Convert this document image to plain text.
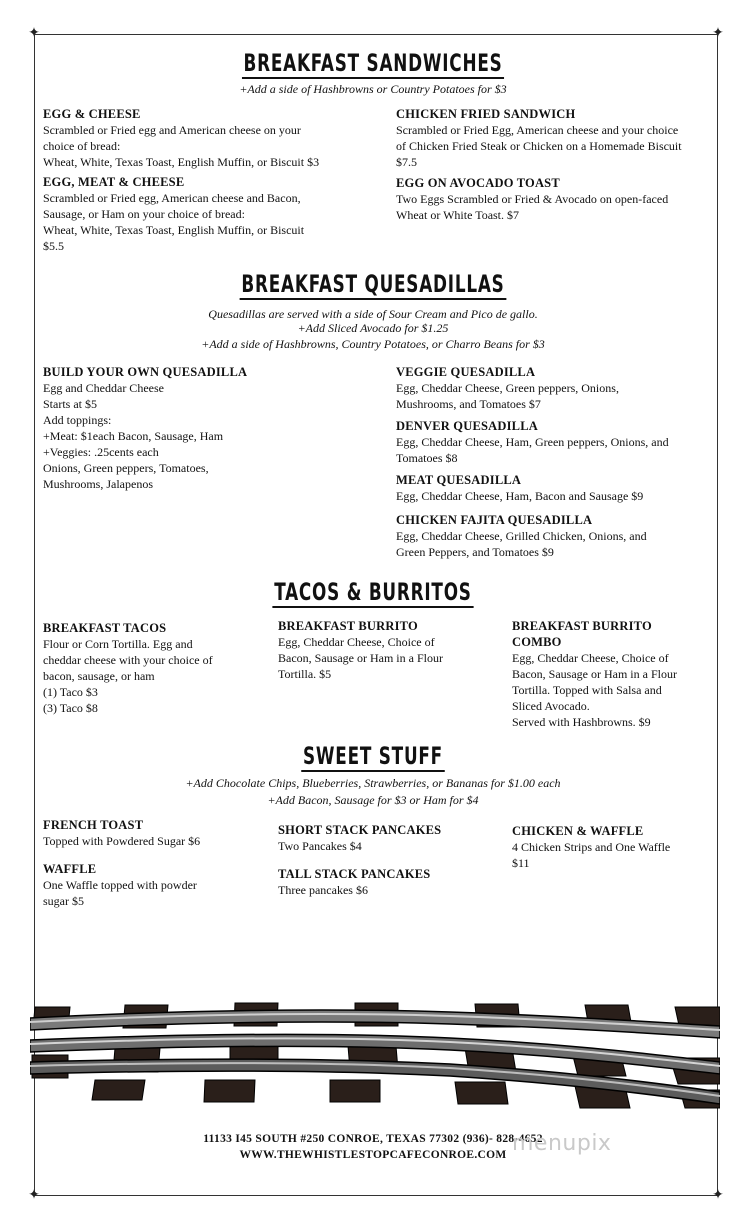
✦	✦
✦	✦
BREAKFAST SANDWICHES
+Add a side of Hashbrowns or Country Potatoes for $3
EGG & CHEESE
Scrambled or Fried egg and American cheese on your
choice of bread:
Wheat, White, Texas Toast, English Muffin, or Biscuit $3
EGG, MEAT & CHEESE
Scrambled or Fried egg, American cheese and Bacon,
Sausage, or Ham on your choice of bread:
Wheat, White, Texas Toast, English Muffin, or Biscuit
$5.5
CHICKEN FRIED SANDWICH
Scrambled or Fried Egg, American cheese and your choice
of Chicken Fried Steak or Chicken on a Homemade Biscuit
$7.5
EGG ON AVOCADO TOAST
Two Eggs Scrambled or Fried & Avocado on open-faced
Wheat or White Toast. $7
BREAKFAST QUESADILLAS
Quesadillas are served with a side of Sour Cream and Pico de gallo.
+Add Sliced Avocado for $1.25
+Add a side of Hashbrowns, Country Potatoes, or Charro Beans for $3
BUILD YOUR OWN QUESADILLA
Egg and Cheddar Cheese
Starts at $5
Add toppings:
+Meat: $1each Bacon, Sausage, Ham
+Veggies: .25cents each
Onions, Green peppers, Tomatoes,
Mushrooms, Jalapenos
VEGGIE QUESADILLA
Egg, Cheddar Cheese, Green peppers, Onions,
Mushrooms, and Tomatoes $7
DENVER QUESADILLA
Egg, Cheddar Cheese, Ham, Green peppers, Onions, and
Tomatoes $8
MEAT QUESADILLA
Egg, Cheddar Cheese, Ham, Bacon and Sausage $9
CHICKEN FAJITA QUESADILLA
Egg, Cheddar Cheese, Grilled Chicken, Onions, and
Green Peppers, and Tomatoes $9
TACOS & BURRITOS
BREAKFAST TACOS
Flour or Corn Tortilla. Egg and
cheddar cheese with your choice of
bacon, sausage, or ham
(1) Taco $3
(3) Taco $8
BREAKFAST BURRITO
Egg, Cheddar Cheese, Choice of
Bacon, Sausage or Ham in a Flour
Tortilla. $5
BREAKFAST BURRITO
COMBO
Egg, Cheddar Cheese, Choice of
Bacon, Sausage or Ham in a Flour
Tortilla. Topped with Salsa and
Sliced Avocado.
Served with Hashbrowns. $9
SWEET STUFF
+Add Chocolate Chips, Blueberries, Strawberries, or Bananas for $1.00 each
+Add Bacon, Sausage for $3 or Ham for $4
FRENCH TOAST
Topped with Powdered Sugar $6
WAFFLE
One Waffle topped with powder
sugar $5
SHORT STACK PANCAKES
Two Pancakes $4
TALL STACK PANCAKES
Three pancakes $6
CHICKEN & WAFFLE
4 Chicken Strips and One Waffle
$11
11133 I45 SOUTH #250 CONROE, TEXAS 77302 (936)- 828-4652
WWW.THEWHISTLESTOPCAFECONROE.COM menupix
